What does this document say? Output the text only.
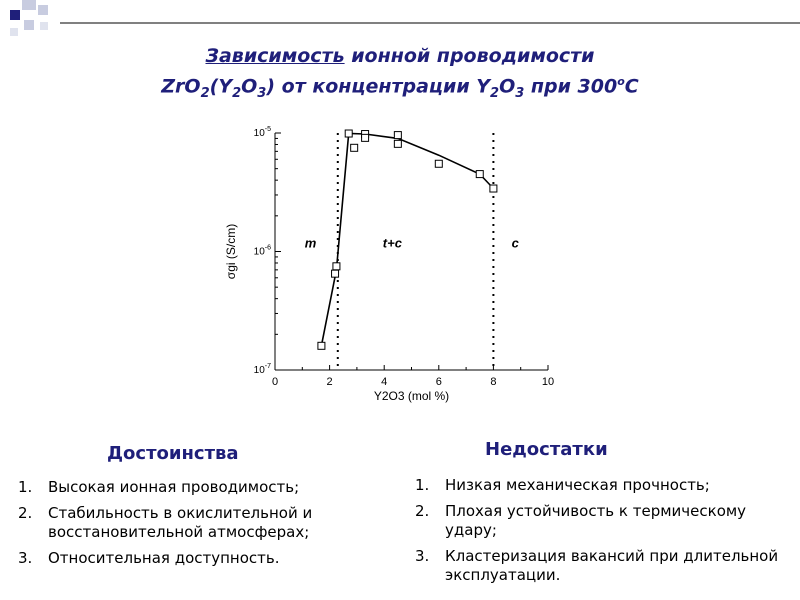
Зависимость ионной проводимости
$ZrO_2(Y_2O_3)$ от концентрации $Y_2O_3$ при 300$^o$C
0	2	4	6	8	10
$10^{-7}$
$10^{-6}$
$10^{-5}$
Y2O3 (mol %)
σgi (S/cm)	m	t+c	c
Достоинства
1. Высокая ионная проводимость;
2. Стабильность в окислительной и восстановительной атмосферах;
3. Относительная доступность.
Недостатки
1. Низкая механическая прочность;
2. Плохая устойчивость к термическому удару;
3. Кластеризация вакансий при длительной эксплуатации.
